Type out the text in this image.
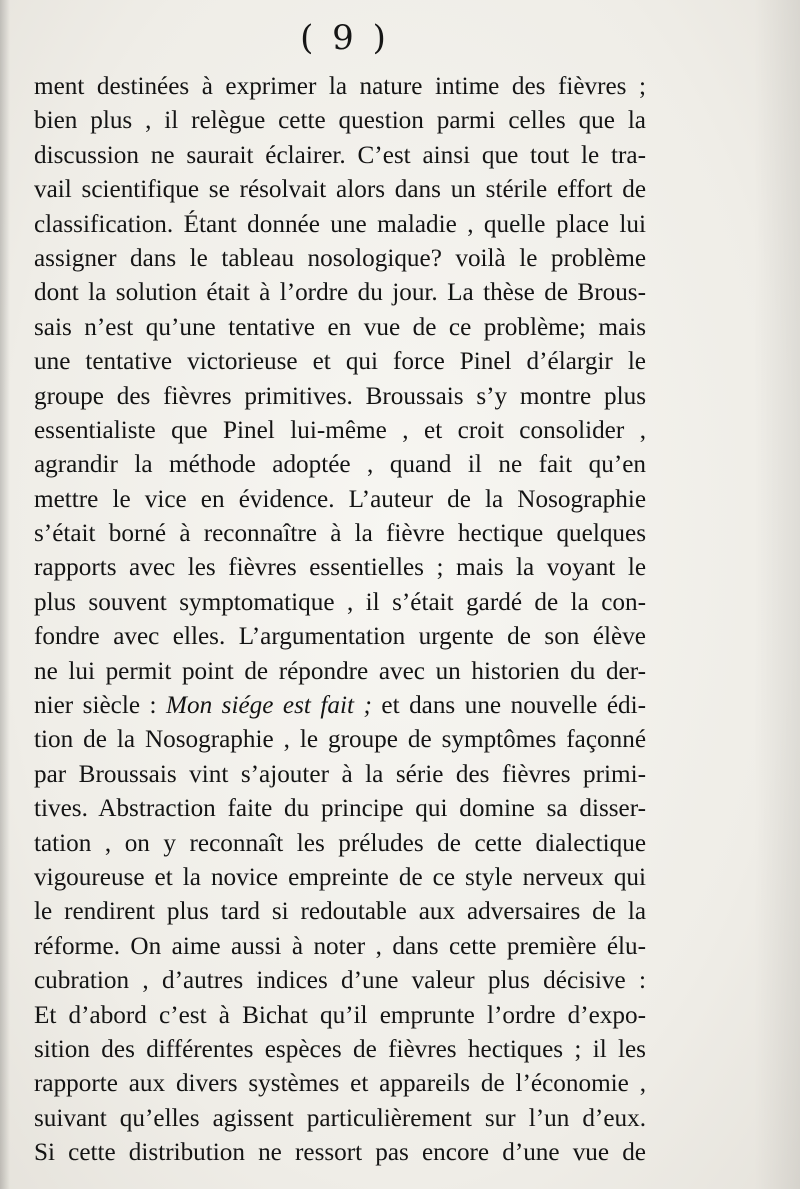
( 9 )
ment destinées à exprimer la nature intime des fièvres ;
bien plus , il relègue cette question parmi celles que la
discussion ne saurait éclairer. C’est ainsi que tout le tra-
vail scientifique se résolvait alors dans un stérile effort de
classification. Étant donnée une maladie , quelle place lui
assigner dans le tableau nosologique? voilà le problème
dont la solution était à l’ordre du jour. La thèse de Brous-
sais n’est qu’une tentative en vue de ce problème; mais
une tentative victorieuse et qui force Pinel d’élargir le
groupe des fièvres primitives. Broussais s’y montre plus
essentialiste que Pinel lui-même , et croit consolider ,
agrandir la méthode adoptée , quand il ne fait qu’en
mettre le vice en évidence. L’auteur de la Nosographie
s’était borné à reconnaître à la fièvre hectique quelques
rapports avec les fièvres essentielles ; mais la voyant le
plus souvent symptomatique , il s’était gardé de la con-
fondre avec elles. L’argumentation urgente de son élève
ne lui permit point de répondre avec un historien du der-
nier siècle : Mon siége est fait ; et dans une nouvelle édi-
tion de la Nosographie , le groupe de symptômes façonné
par Broussais vint s’ajouter à la série des fièvres primi-
tives. Abstraction faite du principe qui domine sa disser-
tation , on y reconnaît les préludes de cette dialectique
vigoureuse et la novice empreinte de ce style nerveux qui
le rendirent plus tard si redoutable aux adversaires de la
réforme. On aime aussi à noter , dans cette première élu-
cubration , d’autres indices d’une valeur plus décisive :
Et d’abord c’est à Bichat qu’il emprunte l’ordre d’expo-
sition des différentes espèces de fièvres hectiques ; il les
rapporte aux divers systèmes et appareils de l’économie ,
suivant qu’elles agissent particulièrement sur l’un d’eux.
Si cette distribution ne ressort pas encore d’une vue de
